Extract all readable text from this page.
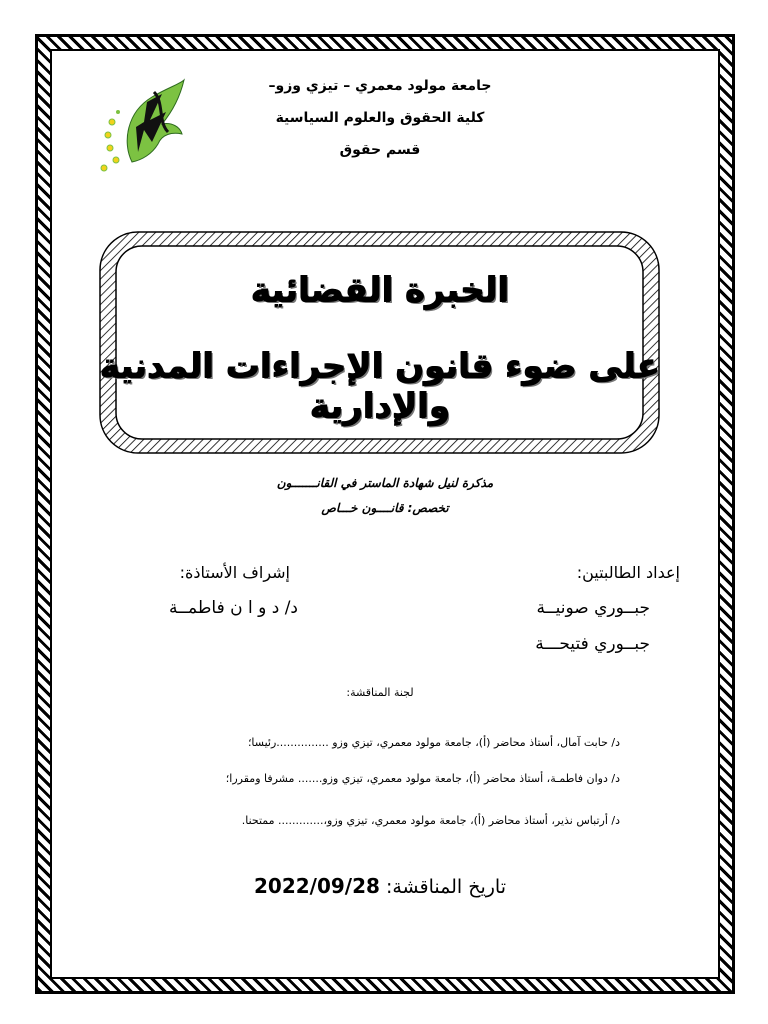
جامعة مولود معمري – تيزي وزو–
كلية الحقوق والعلوم السياسية
قسم حقوق
الخبرة القضائية
على ضوء قانون الإجراءات المدنية والإدارية
مذكرة لنيل شهادة الماستر في القانـــــــون
تخصص: قانــــون خـــاص
إعداد الطالبتين:
إشراف الأستاذة:
جبــوري صونيــة
د/ د و ا ن فاطمــة
جبــوري فتيحـــة
لجنة المناقشة:
د/ حابت آمال، أستاذ محاضر (أ)، جامعة مولود معمري، تيزي وزو ...............رئيسا؛
د/ دوان فاطمـة، أستاذ محاضر (أ)، جامعة مولود معمري، تيزي وزو....... مشرفا ومقررا؛
د/ أرتباس نذير، أستاذ محاضر (أ)، جامعة مولود معمري، تيزي وزو،............. ممتحنا.
2022/09/28 تاريخ المناقشة:
